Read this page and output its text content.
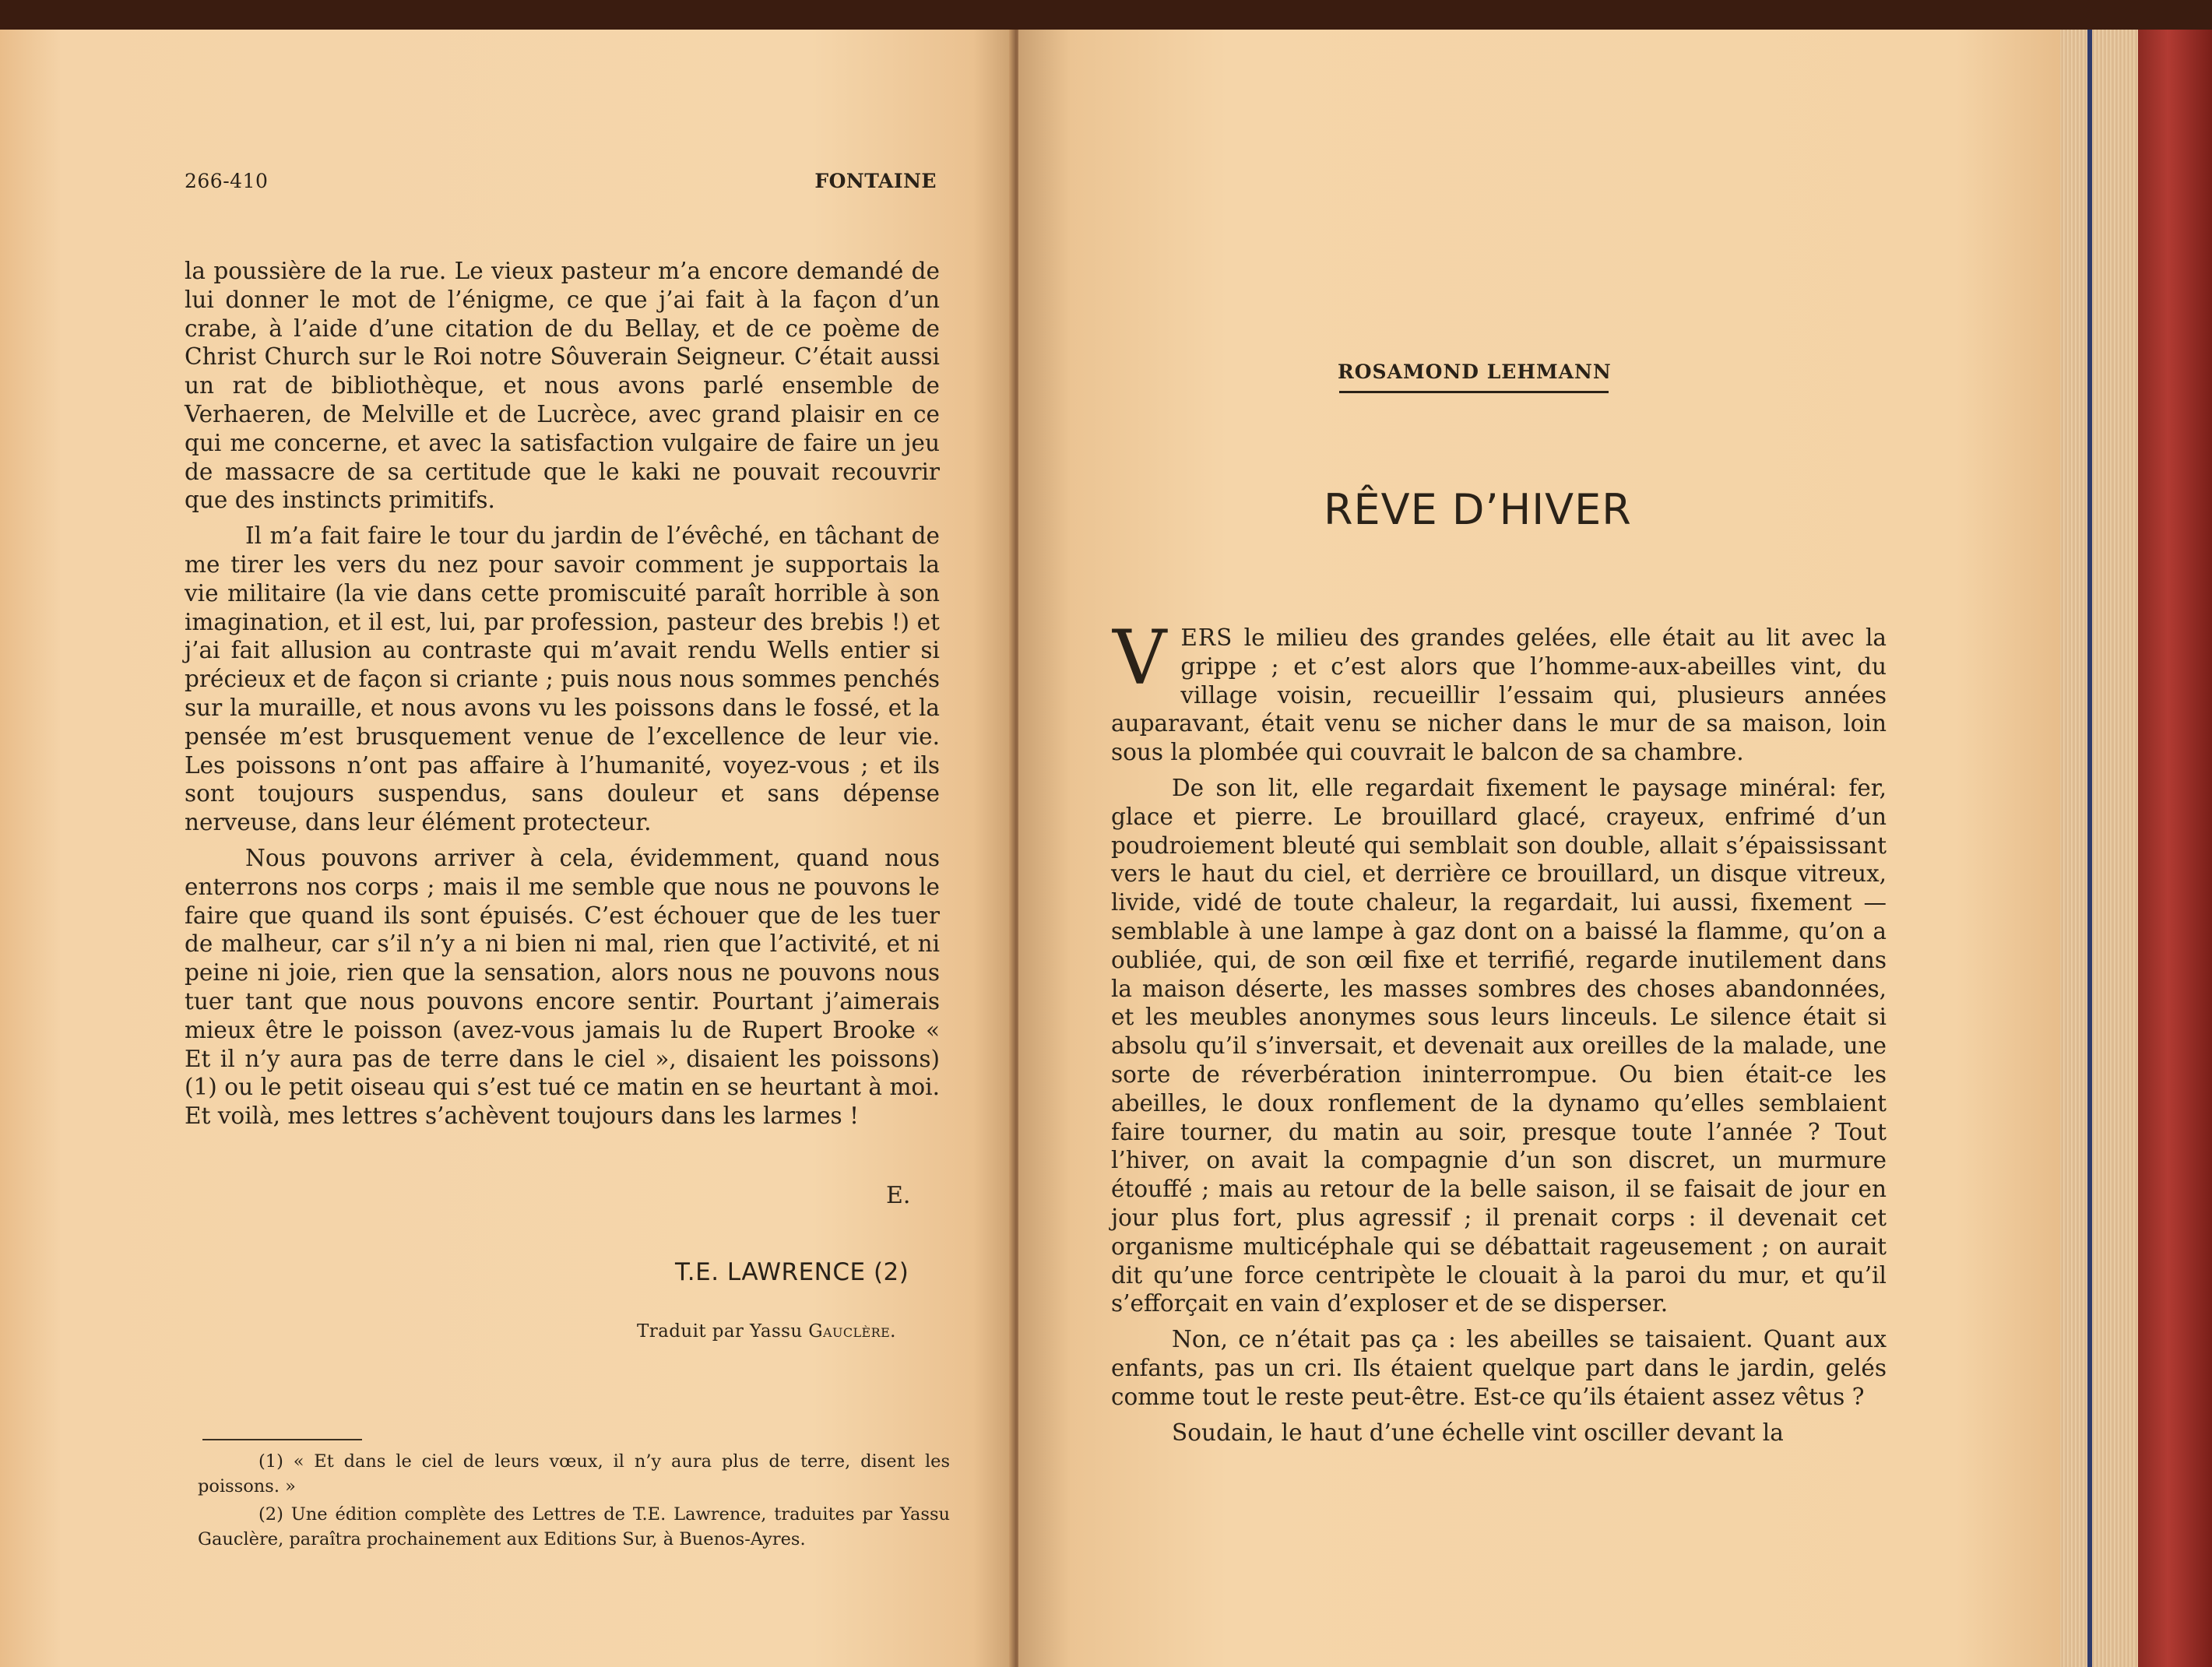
266-410	FONTAINE

la poussière de la rue. Le vieux pasteur m’a encore demandé de lui donner le mot de l’énigme, ce que j’ai fait à la façon d’un crabe, à l’aide d’une citation de du Bellay, et de ce poème de Christ Church sur le Roi notre Sôuverain Seigneur. C’était aussi un rat de bibliothèque, et nous avons parlé ensemble de Verhaeren, de Melville et de Lucrèce, avec grand plaisir en ce qui me concerne, et avec la satisfaction vulgaire de faire un jeu de massacre de sa certitude que le kaki ne pouvait recouvrir que des instincts primitifs.

Il m’a fait faire le tour du jardin de l’évêché, en tâchant de me tirer les vers du nez pour savoir comment je supportais la vie militaire (la vie dans cette promiscuité paraît horrible à son imagination, et il est, lui, par profession, pasteur des brebis !) et j’ai fait allusion au contraste qui m’avait rendu Wells entier si précieux et de façon si criante ; puis nous nous sommes penchés sur la muraille, et nous avons vu les poissons dans le fossé, et la pensée m’est brusquement venue de l’excellence de leur vie. Les poissons n’ont pas affaire à l’humanité, voyez-vous ; et ils sont toujours suspendus, sans douleur et sans dépense nerveuse, dans leur élément protecteur.

Nous pouvons arriver à cela, évidemment, quand nous enterrons nos corps ; mais il me semble que nous ne pouvons le faire que quand ils sont épuisés. C’est échouer que de les tuer de malheur, car s’il n’y a ni bien ni mal, rien que l’activité, et ni peine ni joie, rien que la sensation, alors nous ne pouvons nous tuer tant que nous pouvons encore sentir. Pourtant j’aimerais mieux être le poisson (avez-vous jamais lu de Rupert Brooke « Et il n’y aura pas de terre dans le ciel », disaient les poissons) (1) ou le petit oiseau qui s’est tué ce matin en se heurtant à moi. Et voilà, mes lettres s’achèvent toujours dans les larmes !

E.
T.E. LAWRENCE (2)
Traduit par Yassu Gauclère.

(1) « Et dans le ciel de leurs vœux, il n’y aura plus de terre, disent les poissons. »

(2) Une édition complète des Lettres de T.E. Lawrence, traduites par Yassu Gauclère, paraîtra prochainement aux Editions Sur, à Buenos-Ayres.

ROSAMOND LEHMANN
RÊVE D’HIVER

VERS le milieu des grandes gelées, elle était au lit avec la grippe ; et c’est alors que l’homme-aux-abeilles vint, du village voisin, recueillir l’essaim qui, plusieurs années auparavant, était venu se nicher dans le mur de sa maison, loin sous la plombée qui couvrait le balcon de sa chambre.

De son lit, elle regardait fixement le paysage minéral: fer, glace et pierre. Le brouillard glacé, crayeux, enfrimé d’un poudroiement bleuté qui semblait son double, allait s’épaississant vers le haut du ciel, et derrière ce brouillard, un disque vitreux, livide, vidé de toute chaleur, la regardait, lui aussi, fixement — semblable à une lampe à gaz dont on a baissé la flamme, qu’on a oubliée, qui, de son œil fixe et terrifié, regarde inutilement dans la maison déserte, les masses sombres des choses abandonnées, et les meubles anonymes sous leurs linceuls. Le silence était si absolu qu’il s’inversait, et devenait aux oreilles de la malade, une sorte de réverbération ininterrompue. Ou bien était-ce les abeilles, le doux ronflement de la dynamo qu’elles semblaient faire tourner, du matin au soir, presque toute l’année ? Tout l’hiver, on avait la compagnie d’un son discret, un murmure étouffé ; mais au retour de la belle saison, il se faisait de jour en jour plus fort, plus agressif ; il prenait corps : il devenait cet organisme multicéphale qui se débattait rageusement ; on aurait dit qu’une force centripète le clouait à la paroi du mur, et qu’il s’efforçait en vain d’exploser et de se disperser.

Non, ce n’était pas ça : les abeilles se taisaient. Quant aux enfants, pas un cri. Ils étaient quelque part dans le jardin, gelés comme tout le reste peut-être. Est-ce qu’ils étaient assez vêtus ?

Soudain, le haut d’une échelle vint osciller devant la
